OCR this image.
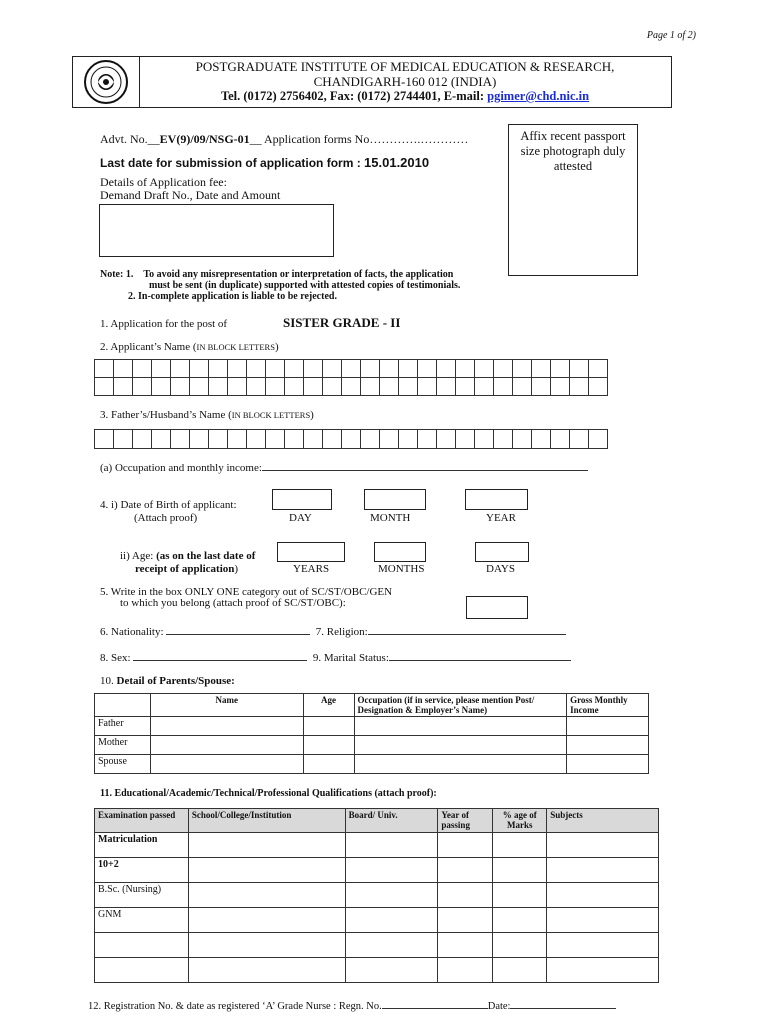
Page 1 of 2)
POSTGRADUATE INSTITUTE OF MEDICAL EDUCATION & RESEARCH,
CHANDIGARH-160 012 (INDIA)
Tel. (0172) 2756402, Fax: (0172) 2744401, E-mail: pgimer@chd.nic.in
Advt. No.__EV(9)/09/NSG-01__ Application forms No………….…………
Last date for submission of application form : 15.01.2010
Details of Application fee:
Demand Draft No., Date and Amount
Affix recent passport size photograph duly attested
Note: 1. To avoid any misrepresentation or interpretation of facts, the application
must be sent (in duplicate) supported with attested copies of testimonials.
2. In-complete application is liable to be rejected.
1. Application for the post of	SISTER GRADE - II
2. Applicant’s Name (IN BLOCK LETTERS)

3. Father’s/Husband’s Name (IN BLOCK LETTERS)

(a) Occupation and monthly income:
4. i) Date of Birth of applicant:
(Attach proof)	DAY	MONTH	YEAR
ii) Age: (as on the last date of
receipt of application)	YEARS	MONTHS	DAYS
5. Write in the box ONLY ONE category out of SC/ST/OBC/GEN
to which you belong (attach proof of SC/ST/OBC):
6. Nationality:	7. Religion:
8. Sex:	9. Marital Status:
10. Detail of Parents/Spouse:
	Name	Age	Occupation (if in service, please mention Post/ Designation & Employer’s Name)	Gross Monthly Income
Father				
Mother				
Spouse				
11. Educational/Academic/Technical/Professional Qualifications (attach proof):
Examination passed	School/College/Institution	Board/ Univ.	Year of passing	% age of Marks	Subjects
Matriculation					
10+2					
B.Sc. (Nursing)					
GNM					

12. Registration No. & date as registered ‘A’ Grade Nurse : Regn. No.	Date:
